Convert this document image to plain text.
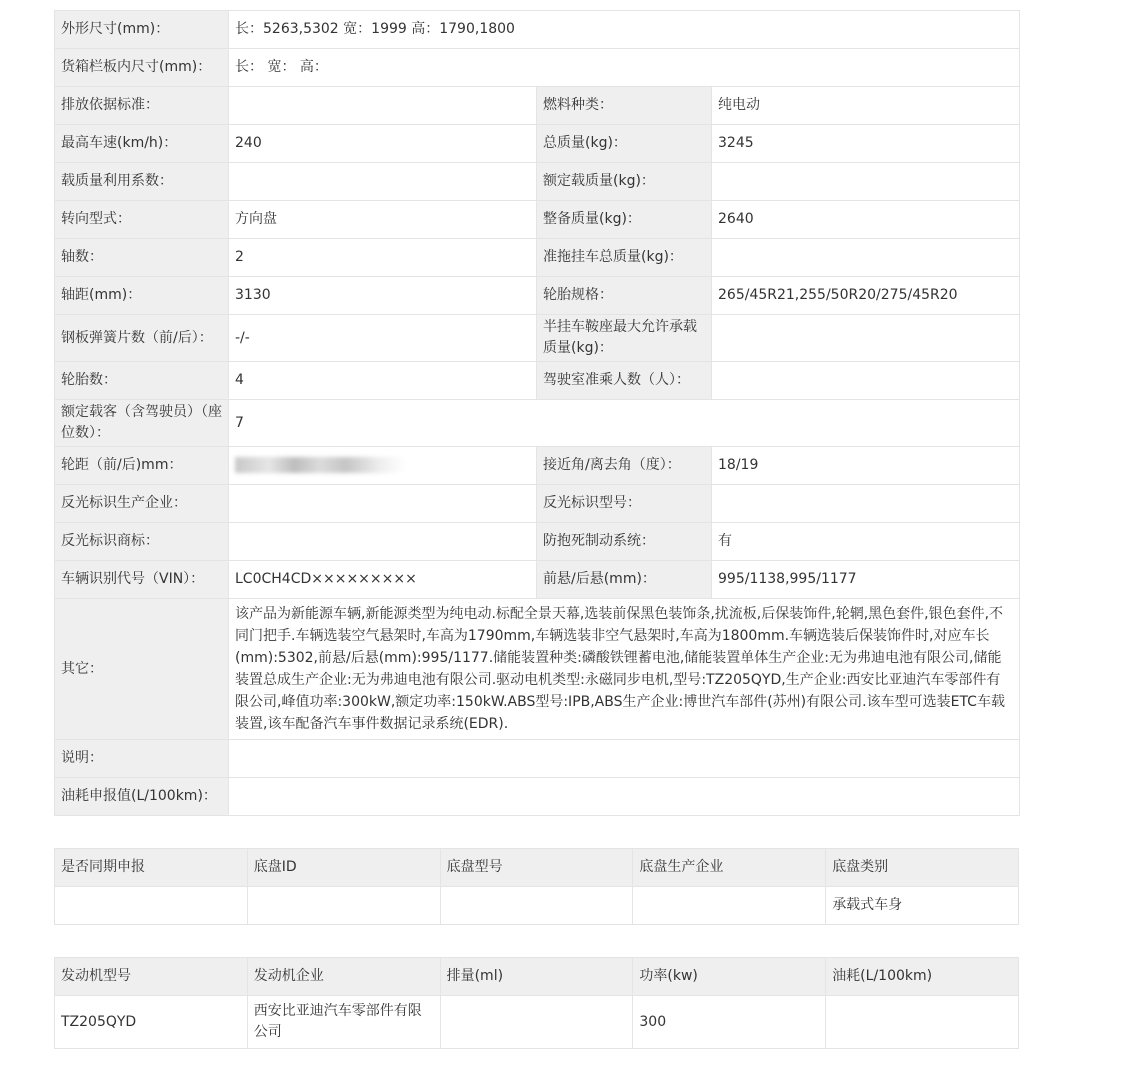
外形尺寸(mm)：	长：5263,5302 宽：1999 高：1790,1800		
货箱栏板内尺寸(mm)：	长： 宽： 高：		
排放依据标准：		燃料种类：	纯电动
最高车速(km/h)：	240	总质量(kg)：	3245
载质量利用系数：		额定载质量(kg)：	
转向型式：	方向盘	整备质量(kg)：	2640
轴数：	2	准拖挂车总质量(kg)：	
轴距(mm)：	3130	轮胎规格：	265/45R21,255/50R20/275/45R20
钢板弹簧片数（前/后）：	-/-	半挂车鞍座最大允许承载质量(kg)：	
轮胎数：	4	驾驶室准乘人数（人）：	
额定载客（含驾驶员）（座位数）：	7		
轮距（前/后)mm：		接近角/离去角（度）：	18/19
反光标识生产企业：		反光标识型号：	
反光标识商标：		防抱死制动系统：	有
车辆识别代号（VIN）：	LC0CH4CD×××××××××	前悬/后悬(mm)：	995/1138,995/1177
其它：	该产品为新能源车辆,新能源类型为纯电动.标配全景天幕,选装前保黑色装饰条,扰流板,后保装饰件,轮辋,黑色套件,银色套件,不同门把手.车辆选装空气悬架时,车高为1790mm,车辆选装非空气悬架时,车高为1800mm.车辆选装后保装饰件时,对应车长(mm):5302,前悬/后悬(mm):995/1177.储能装置种类:磷酸铁锂蓄电池,储能装置单体生产企业:无为弗迪电池有限公司,储能装置总成生产企业:无为弗迪电池有限公司.驱动电机类型:永磁同步电机,型号:TZ205QYD,生产企业:西安比亚迪汽车零部件有限公司,峰值功率:300kW,额定功率:150kW.ABS型号:IPB,ABS生产企业:博世汽车部件(苏州)有限公司.该车型可选装ETC车载装置,该车配备汽车事件数据记录系统(EDR).		
说明：			
油耗申报值(L/100km)：			
是否同期申报	底盘ID	底盘型号	底盘生产企业	底盘类别
				承载式车身
发动机型号	发动机企业	排量(ml)	功率(kw)	油耗(L/100km)
TZ205QYD	西安比亚迪汽车零部件有限公司		300	
